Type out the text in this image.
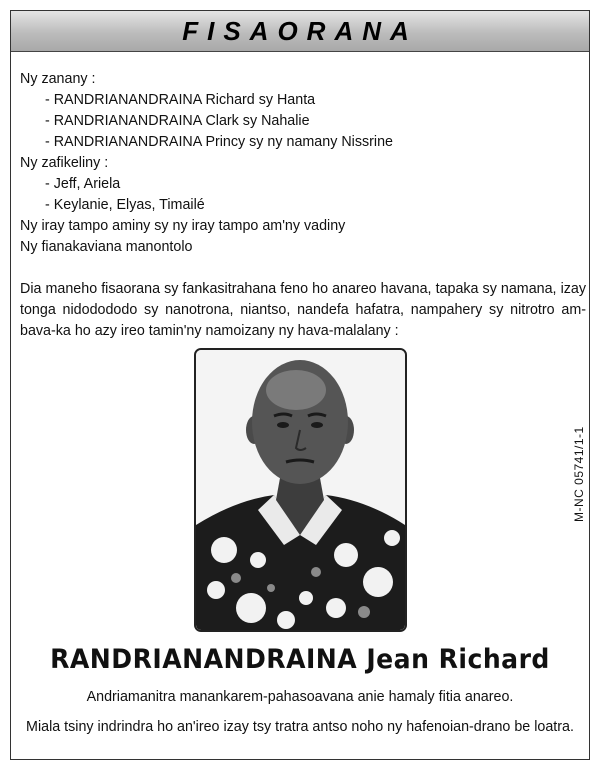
FISAORANA
Ny zanany :
- RANDRIANANDRAINA Richard sy Hanta
- RANDRIANANDRAINA Clark sy Nahalie
- RANDRIANANDRAINA Princy sy ny namany Nissrine
Ny zafikeliny :
- Jeff, Ariela
- Keylanie, Elyas, Timailé
Ny iray tampo aminy sy ny iray tampo am'ny vadiny
Ny fianakaviana manontolo
Dia maneho fisaorana sy fankasitrahana feno ho anareo havana, tapaka sy namana, izay tonga nidodododo sy nanotrona, niantso, nandefa hafatra, nampahery sy nitrotro am-bava-ka ho azy ireo tamin'ny namoizany ny hava-malalany :
M-NC 05741/1-1
RANDRIANANDRAINA Jean Richard
Andriamanitra manankarem-pahasoavana anie hamaly fitia anareo.
Miala tsiny indrindra ho an'ireo izay tsy tratra antso noho ny hafenoian-drano be loatra.
